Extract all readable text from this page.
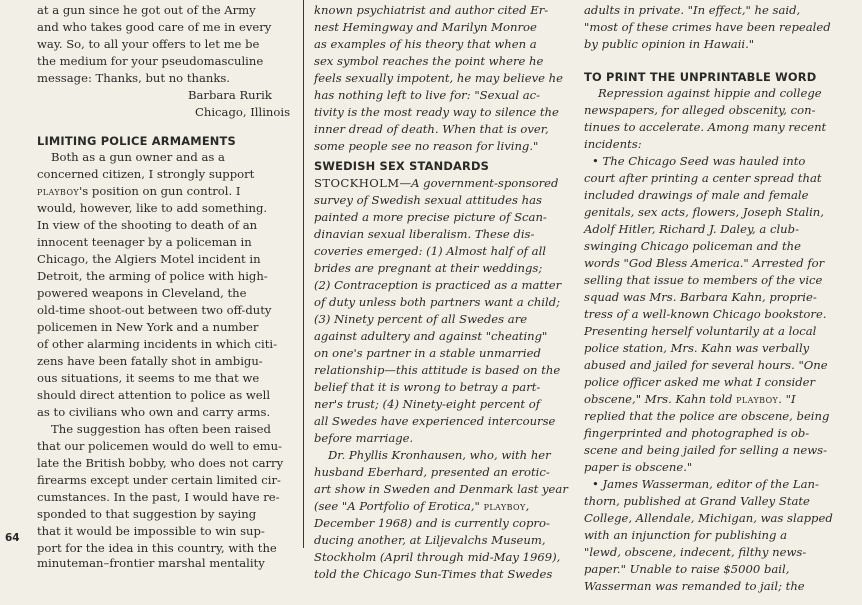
64
at a gun since he got out of the Army
and who takes good care of me in every
way. So, to all your offers to let me be
the medium for your pseudomasculine
message: Thanks, but no thanks.
Barbara Rurik
Chicago, Illinois
LIMITING POLICE ARMAMENTS
Both as a gun owner and as a
concerned citizen, I strongly support
playboy's position on gun control. I
would, however, like to add something.
In view of the shooting to death of an
innocent teenager by a policeman in
Chicago, the Algiers Motel incident in
Detroit, the arming of police with high-
powered weapons in Cleveland, the
old-time shoot-out between two off-duty
policemen in New York and a number
of other alarming incidents in which citi-
zens have been fatally shot in ambigu-
ous situations, it seems to me that we
should direct attention to police as well
as to civilians who own and carry arms.
The suggestion has often been raised
that our policemen would do well to emu-
late the British bobby, who does not carry
firearms except under certain limited cir-
cumstances. In the past, I would have re-
sponded to that suggestion by saying
that it would be impossible to win sup-
port for the idea in this country, with the
minuteman–frontier marshal mentality
known psychiatrist and author cited Er-
nest Hemingway and Marilyn Monroe
as examples of his theory that when a
sex symbol reaches the point where he
feels sexually impotent, he may believe he
has nothing left to live for: "Sexual ac-
tivity is the most ready way to silence the
inner dread of death. When that is over,
some people see no reason for living."
SWEDISH SEX STANDARDS
STOCKHOLM—A government-sponsored
survey of Swedish sexual attitudes has
painted a more precise picture of Scan-
dinavian sexual liberalism. These dis-
coveries emerged: (1) Almost half of all
brides are pregnant at their weddings;
(2) Contraception is practiced as a matter
of duty unless both partners want a child;
(3) Ninety percent of all Swedes are
against adultery and against "cheating"
on one's partner in a stable unmarried
relationship—this attitude is based on the
belief that it is wrong to betray a part-
ner's trust; (4) Ninety-eight percent of
all Swedes have experienced intercourse
before marriage.
Dr. Phyllis Kronhausen, who, with her
husband Eberhard, presented an erotic-
art show in Sweden and Denmark last year
(see "A Portfolio of Erotica," playboy,
December 1968) and is currently copro-
ducing another, at Liljevalchs Museum,
Stockholm (April through mid-May 1969),
told the Chicago Sun-Times that Swedes
adults in private. "In effect," he said,
"most of these crimes have been repealed
by public opinion in Hawaii."
TO PRINT THE UNPRINTABLE WORD
Repression against hippie and college
newspapers, for alleged obscenity, con-
tinues to accelerate. Among many recent
incidents:
• The Chicago Seed was hauled into
court after printing a center spread that
included drawings of male and female
genitals, sex acts, flowers, Joseph Stalin,
Adolf Hitler, Richard J. Daley, a club-
swinging Chicago policeman and the
words "God Bless America." Arrested for
selling that issue to members of the vice
squad was Mrs. Barbara Kahn, proprie-
tress of a well-known Chicago bookstore.
Presenting herself voluntarily at a local
police station, Mrs. Kahn was verbally
abused and jailed for several hours. "One
police officer asked me what I consider
obscene," Mrs. Kahn told playboy. "I
replied that the police are obscene, being
fingerprinted and photographed is ob-
scene and being jailed for selling a news-
paper is obscene."
• James Wasserman, editor of the Lan-
thorn, published at Grand Valley State
College, Allendale, Michigan, was slapped
with an injunction for publishing a
"lewd, obscene, indecent, filthy news-
paper." Unable to raise $5000 bail,
Wasserman was remanded to jail; the
